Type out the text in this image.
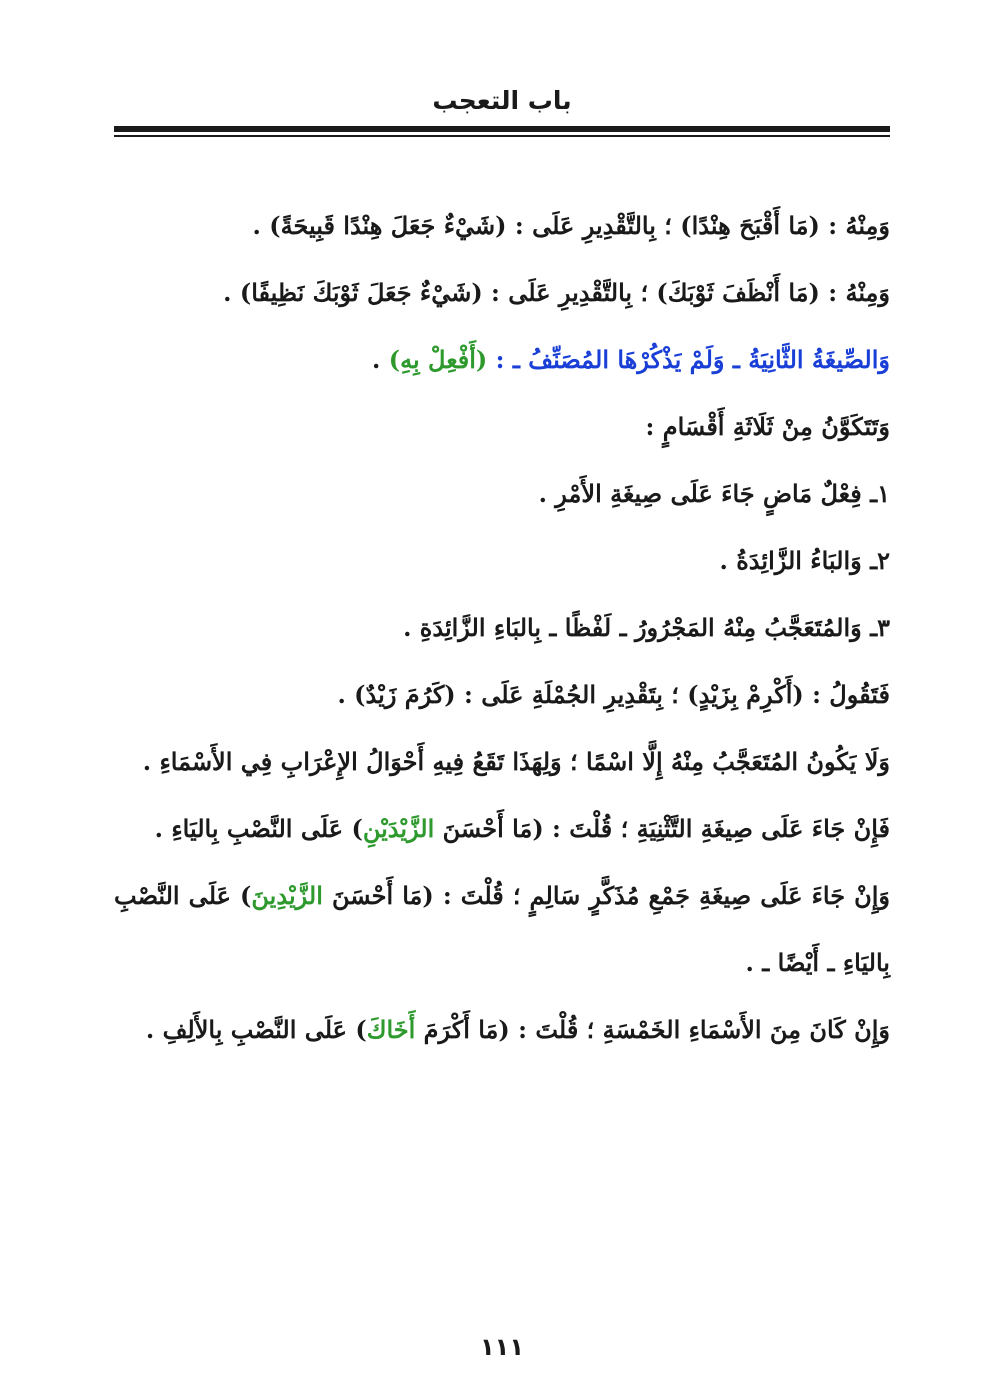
باب التعجب

وَمِنْهُ : (مَا أَقْبَحَ هِنْدًا) ؛ بِالتَّقْدِيرِ عَلَى : (شَيْءٌ جَعَلَ هِنْدًا قَبِيحَةً) .

وَمِنْهُ : (مَا أَنْظَفَ ثَوْبَكَ) ؛ بِالتَّقْدِيرِ عَلَى : (شَيْءٌ جَعَلَ ثَوْبَكَ نَظِيفًا) .

وَالصِّيغَةُ الثَّانِيَةُ ـ وَلَمْ يَذْكُرْهَا المُصَنِّفُ ـ : (أَفْعِلْ بِهِ) .

وَتَتَكَوَّنُ مِنْ ثَلَاثَةِ أَقْسَامٍ :

١ـ فِعْلٌ مَاضٍ جَاءَ عَلَى صِيغَةِ الأَمْرِ .

٢ـ وَالبَاءُ الزَّائِدَةُ .

٣ـ وَالمُتَعَجَّبُ مِنْهُ المَجْرُورُ ـ لَفْظًا ـ بِالبَاءِ الزَّائِدَةِ .

فَتَقُولُ : (أَكْرِمْ بِزَيْدٍ) ؛ بِتَقْدِيرِ الجُمْلَةِ عَلَى : (كَرُمَ زَيْدٌ) .

وَلَا يَكُونُ المُتَعَجَّبُ مِنْهُ إِلَّا اسْمًا ؛ وَلِهَذَا تَقَعُ فِيهِ أَحْوَالُ الإِعْرَابِ فِي الأَسْمَاءِ .

فَإِنْ جَاءَ عَلَى صِيغَةِ التَّثْنِيَةِ ؛ قُلْتَ : (مَا أَحْسَنَ الزَّيْدَيْنِ) عَلَى النَّصْبِ بِاليَاءِ .

وَإِنْ جَاءَ عَلَى صِيغَةِ جَمْعِ مُذَكَّرٍ سَالِمٍ ؛ قُلْتَ : (مَا أَحْسَنَ الزَّيْدِينَ) عَلَى النَّصْبِ بِاليَاءِ ـ أَيْضًا ـ .

وَإِنْ كَانَ مِنَ الأَسْمَاءِ الخَمْسَةِ ؛ قُلْتَ : (مَا أَكْرَمَ أَخَاكَ) عَلَى النَّصْبِ بِالأَلِفِ .

١١١
